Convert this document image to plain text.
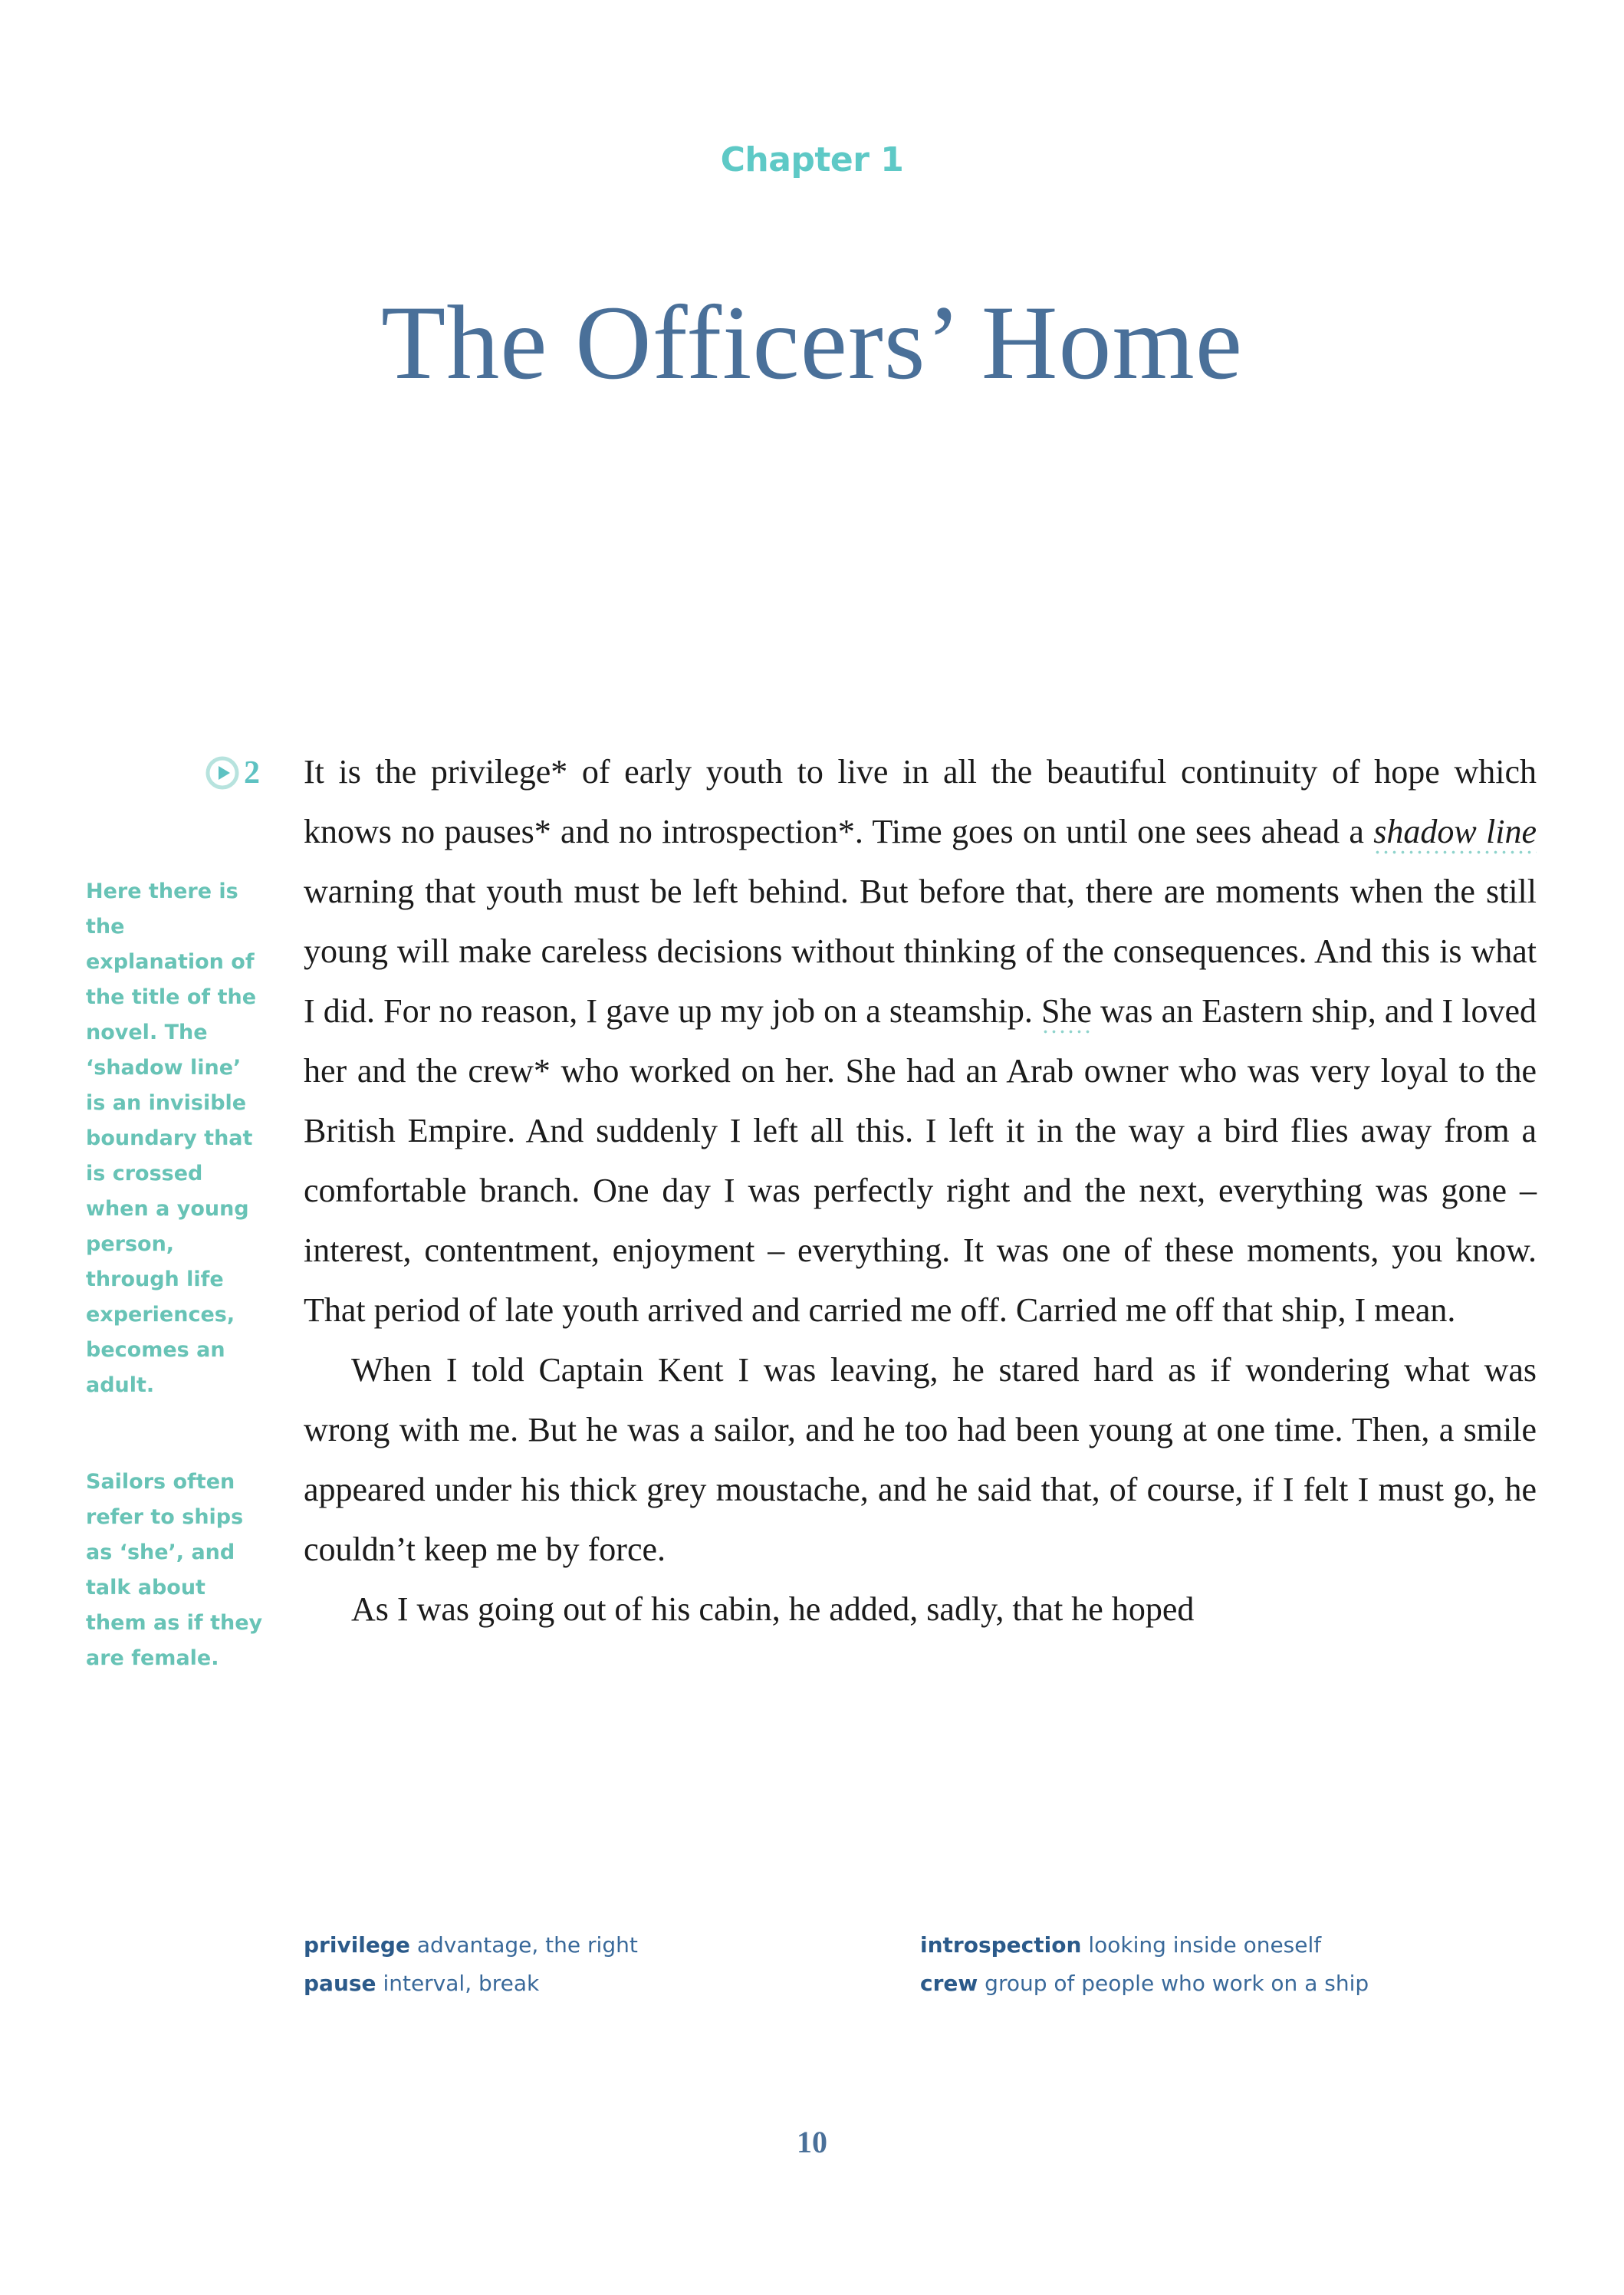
Chapter 1
The Officers’ Home
2

Here there is the explanation of the title of the novel. The ‘shadow line’ is an invisible boundary that is crossed when a young person, through life experiences, becomes an adult.

Sailors often refer to ships as ‘she’, and talk about them as if they are female.

It is the privilege* of early youth to live in all the beautiful continuity of hope which knows no pauses* and no introspection*. Time goes on until one sees ahead a shadow line warning that youth must be left behind. But before that, there are moments when the still young will make careless decisions without thinking of the consequences. And this is what I did. For no reason, I gave up my job on a steamship. She was an Eastern ship, and I loved her and the crew* who worked on her. She had an Arab owner who was very loyal to the British Empire. And suddenly I left all this. I left it in the way a bird flies away from a comfortable branch. One day I was perfectly right and the next, everything was gone – interest, contentment, enjoyment – everything. It was one of these moments, you know. That period of late youth arrived and carried me off. Carried me off that ship, I mean.

When I told Captain Kent I was leaving, he stared hard as if wondering what was wrong with me. But he was a sailor, and he too had been young at one time. Then, a smile appeared under his thick grey moustache, and he said that, of course, if I felt I must go, he couldn’t keep me by force.

As I was going out of his cabin, he added, sadly, that he hoped

privilege advantage, the right
pause interval, break
introspection looking inside oneself
crew group of people who work on a ship
10
